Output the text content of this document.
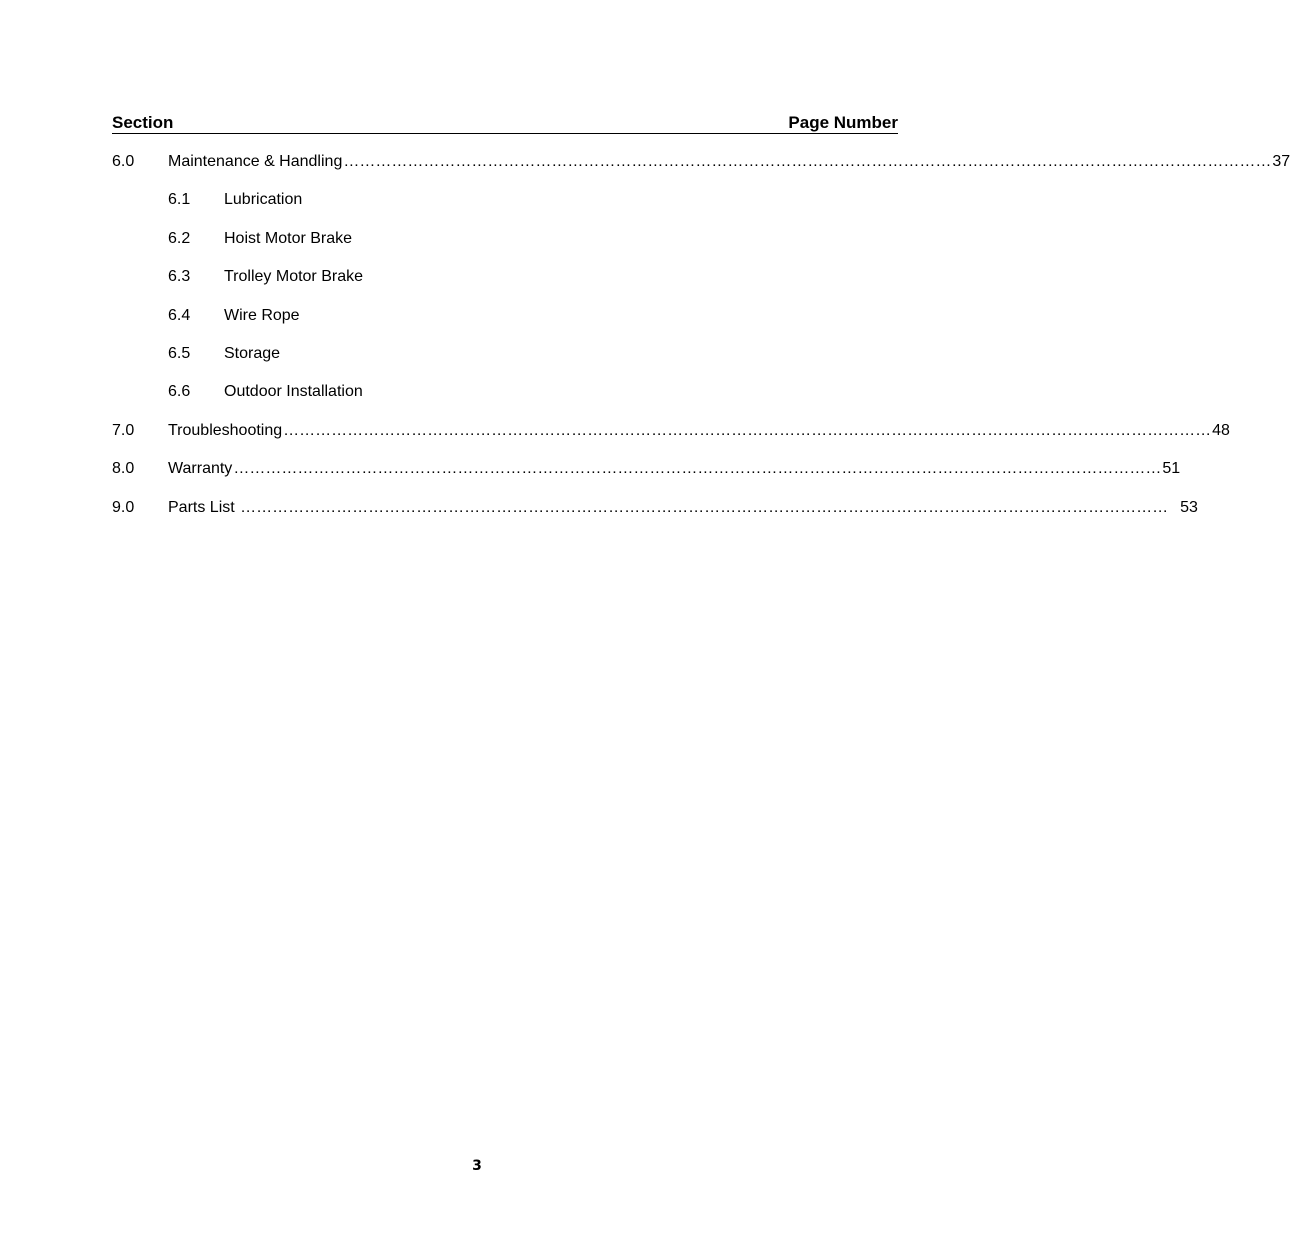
Section	Page Number
6.0 Maintenance & Handling ………………………………………………………………………………………………………………………………………………………… 37
6.1 Lubrication
6.2 Hoist Motor Brake
6.3 Trolley Motor Brake
6.4 Wire Rope
6.5 Storage
6.6 Outdoor Installation
7.0 Troubleshooting ………………………………………………………………………………………………………………………………………………………… 48
8.0 Warranty ………………………………………………………………………………………………………………………………………………………… 51
9.0 Parts List ………………………………………………………………………………………………………………………………………………………… 53
3
